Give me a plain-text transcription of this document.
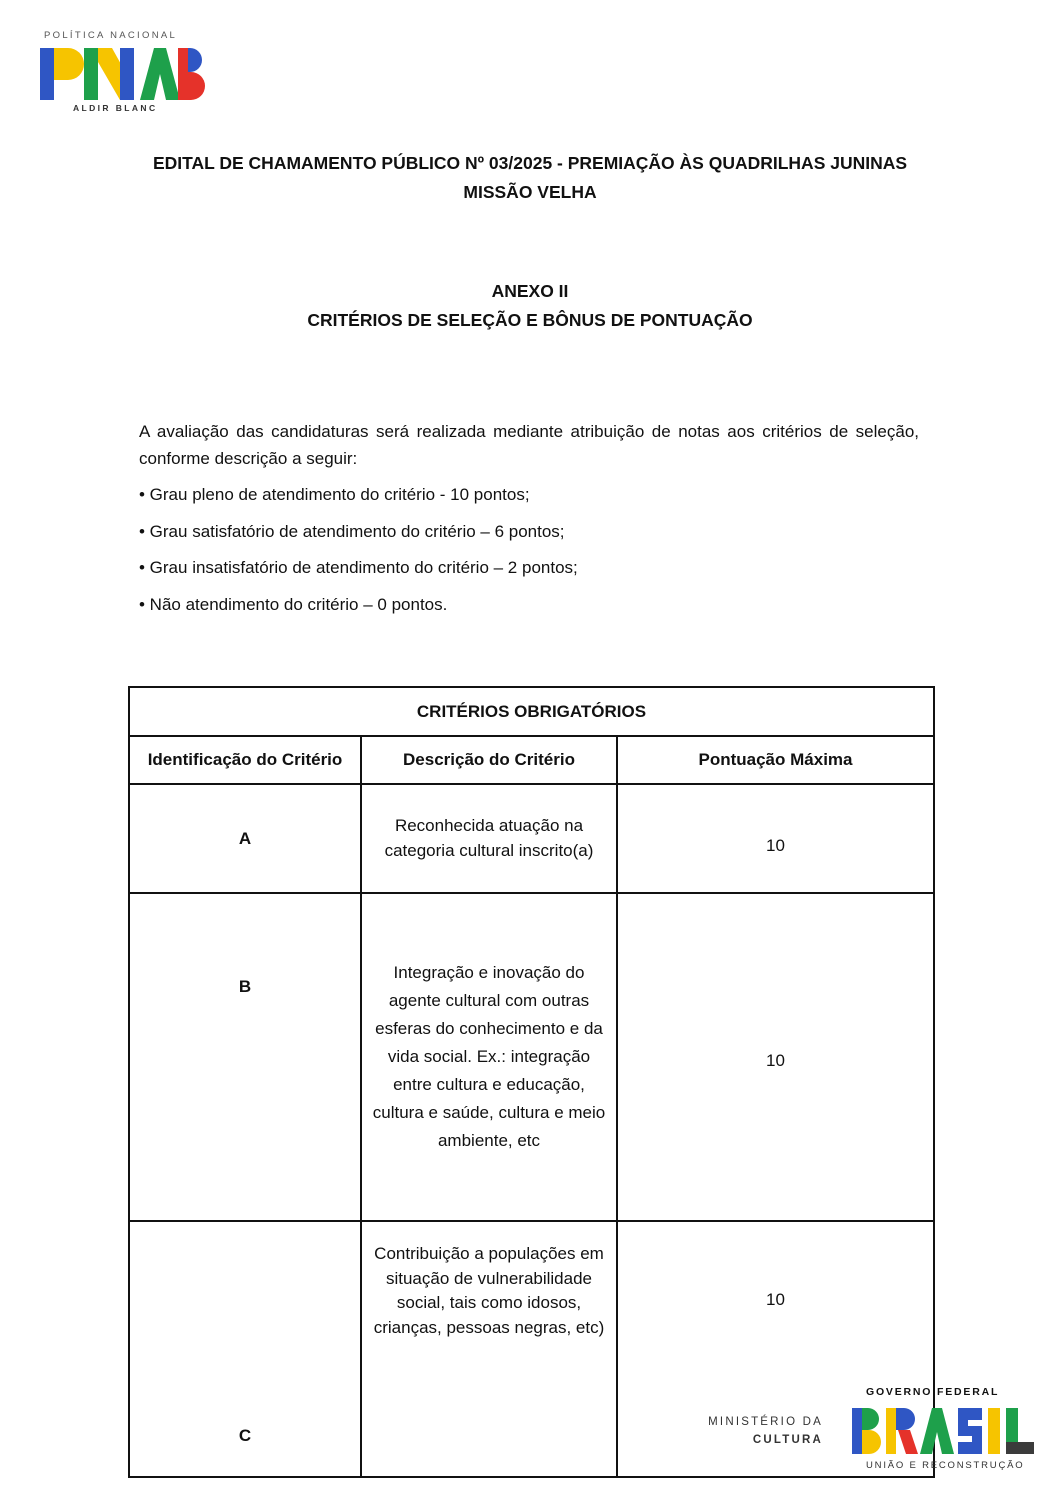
POLÍTICA NACIONAL
ALDIR BLANC
EDITAL DE CHAMAMENTO PÚBLICO Nº 03/2025 - PREMIAÇÃO ÀS QUADRILHAS JUNINAS
MISSÃO VELHA
ANEXO II
CRITÉRIOS DE SELEÇÃO E BÔNUS DE PONTUAÇÃO

A avaliação das candidaturas será realizada mediante atribuição de notas aos critérios de seleção, conforme descrição a seguir:

• Grau pleno de atendimento do critério - 10 pontos;
• Grau satisfatório de atendimento do critério – 6 pontos;
• Grau insatisfatório de atendimento do critério – 2 pontos;
• Não atendimento do critério – 0 pontos.
CRITÉRIOS OBRIGATÓRIOS		
Identificação do Critério	Descrição do Critério	Pontuação Máxima
A	Reconhecida atuação na categoria cultural inscrito(a)	10
B	Integração e inovação do agente cultural com outras esferas do conhecimento e da vida social. Ex.: integração entre cultura e educação, cultura e saúde, cultura e meio ambiente, etc	10
C	Contribuição a populações em situação de vulnerabilidade social, tais como idosos, crianças, pessoas negras, etc)	10
MINISTÉRIO DA
CULTURA
GOVERNO FEDERAL
UNIÃO E RECONSTRUÇÃO
